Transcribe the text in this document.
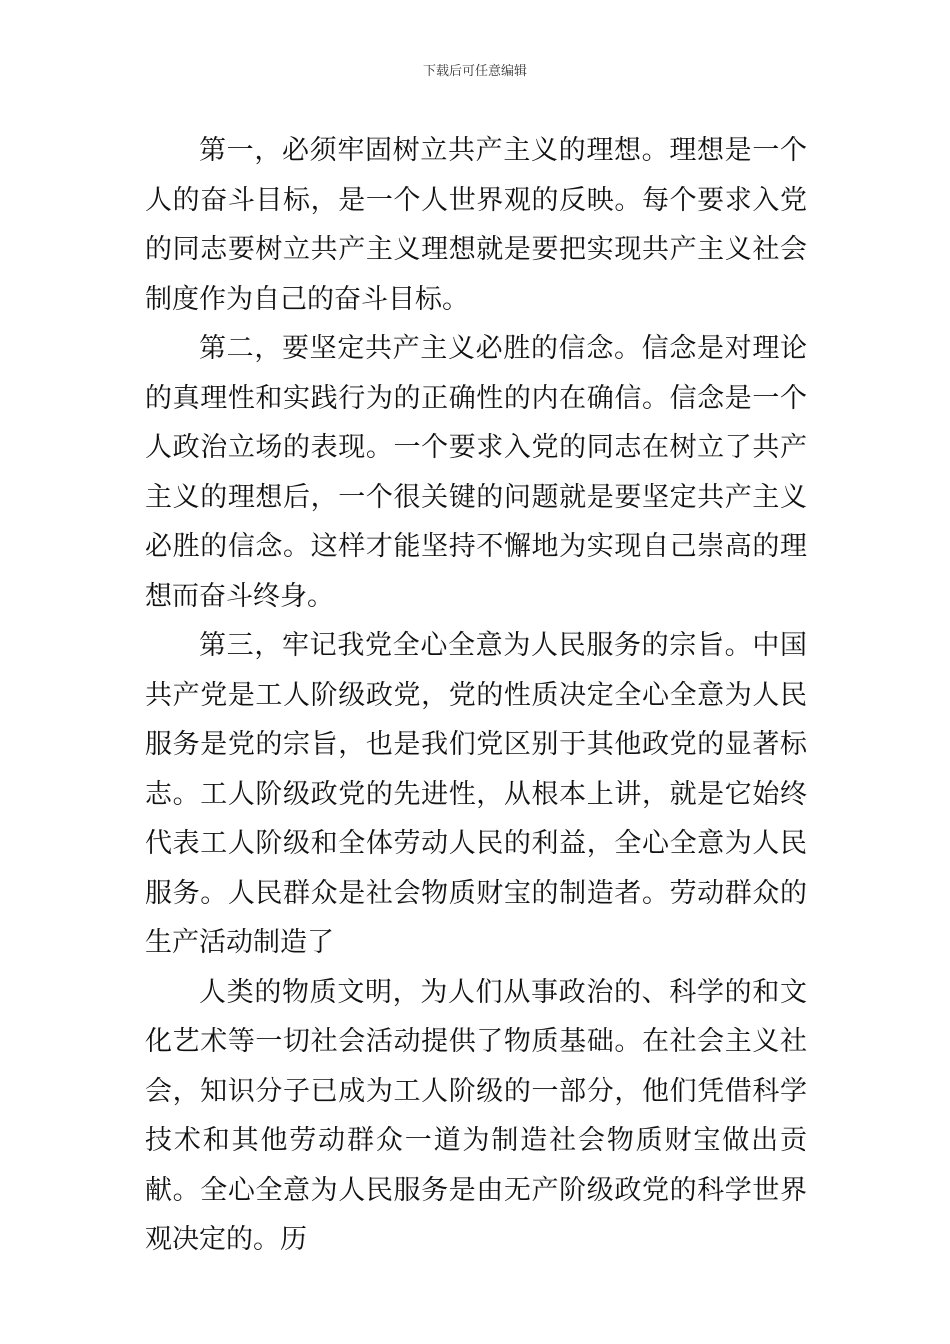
下载后可任意编辑

第一，必须牢固树立共产主义的理想。理想是一个人的奋斗目标，是一个人世界观的反映。每个要求入党的同志要树立共产主义理想就是要把实现共产主义社会制度作为自己的奋斗目标。

第二，要坚定共产主义必胜的信念。信念是对理论的真理性和实践行为的正确性的内在确信。信念是一个人政治立场的表现。一个要求入党的同志在树立了共产主义的理想后，一个很关键的问题就是要坚定共产主义必胜的信念。这样才能坚持不懈地为实现自己崇高的理想而奋斗终身。

第三，牢记我党全心全意为人民服务的宗旨。中国共产党是工人阶级政党，党的性质决定全心全意为人民服务是党的宗旨，也是我们党区别于其他政党的显著标志。工人阶级政党的先进性，从根本上讲，就是它始终代表工人阶级和全体劳动人民的利益，全心全意为人民服务。人民群众是社会物质财宝的制造者。劳动群众的生产活动制造了

人类的物质文明，为人们从事政治的、科学的和文化艺术等一切社会活动提供了物质基础。在社会主义社会，知识分子已成为工人阶级的一部分，他们凭借科学技术和其他劳动群众一道为制造社会物质财宝做出贡献。全心全意为人民服务是由无产阶级政党的科学世界观决定的。历
